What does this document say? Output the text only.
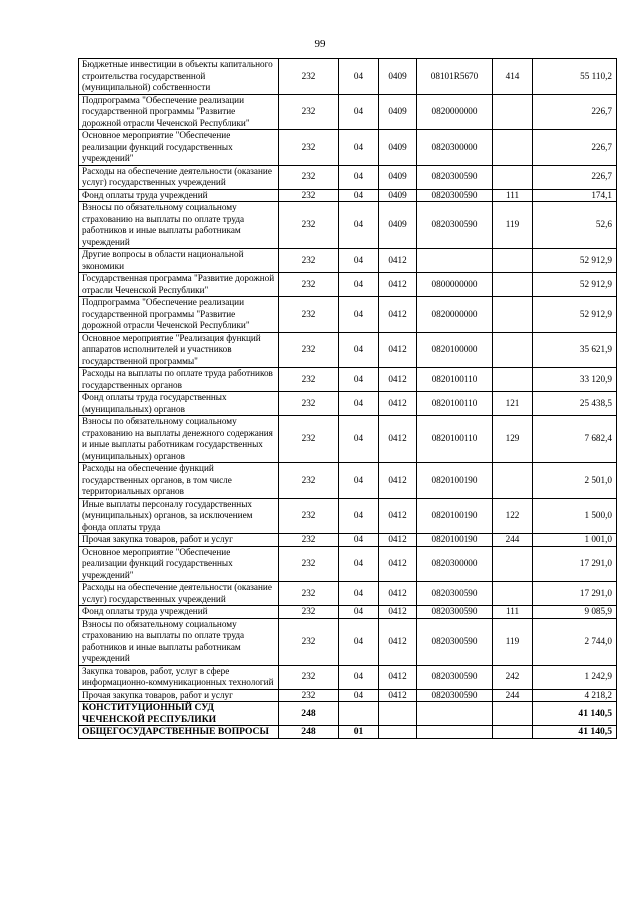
99
Бюджетные инвестиции в объекты капитального строительства государственной (муниципальной) собственности	232	04	0409	08101R5670	414	55 110,2
Подпрограмма "Обеспечение реализации государственной программы "Развитие дорожной отрасли Чеченской Республики"	232	04	0409	0820000000		226,7
Основное мероприятие "Обеспечение реализации функций государственных учреждений"	232	04	0409	0820300000		226,7
Расходы на обеспечение деятельности (оказание услуг) государственных учреждений	232	04	0409	0820300590		226,7
Фонд оплаты труда учреждений	232	04	0409	0820300590	111	174,1
Взносы по обязательному социальному страхованию на выплаты по оплате труда работников и иные выплаты работникам учреждений	232	04	0409	0820300590	119	52,6
Другие вопросы в области национальной экономики	232	04	0412			52 912,9
Государственная программа "Развитие дорожной отрасли Чеченской Республики"	232	04	0412	0800000000		52 912,9
Подпрограмма "Обеспечение реализации государственной программы "Развитие дорожной отрасли Чеченской Республики"	232	04	0412	0820000000		52 912,9
Основное мероприятие "Реализация функций аппаратов исполнителей и участников государственной программы"	232	04	0412	0820100000		35 621,9
Расходы на выплаты по оплате труда работников государственных органов	232	04	0412	0820100110		33 120,9
Фонд оплаты труда государственных (муниципальных) органов	232	04	0412	0820100110	121	25 438,5
Взносы по обязательному социальному страхованию на выплаты денежного содержания и иные выплаты работникам государственных (муниципальных) органов	232	04	0412	0820100110	129	7 682,4
Расходы на обеспечение функций государственных органов, в том числе территориальных органов	232	04	0412	0820100190		2 501,0
Иные выплаты персоналу государственных (муниципальных) органов, за исключением фонда оплаты труда	232	04	0412	0820100190	122	1 500,0
Прочая закупка товаров, работ и услуг	232	04	0412	0820100190	244	1 001,0
Основное мероприятие "Обеспечение реализации функций государственных учреждений"	232	04	0412	0820300000		17 291,0
Расходы на обеспечение деятельности (оказание услуг) государственных учреждений	232	04	0412	0820300590		17 291,0
Фонд оплаты труда учреждений	232	04	0412	0820300590	111	9 085,9
Взносы по обязательному социальному страхованию на выплаты по оплате труда работников и иные выплаты работникам учреждений	232	04	0412	0820300590	119	2 744,0
Закупка товаров, работ, услуг в сфере информационно-коммуникационных технологий	232	04	0412	0820300590	242	1 242,9
Прочая закупка товаров, работ и услуг	232	04	0412	0820300590	244	4 218,2
КОНСТИТУЦИОННЫЙ СУД ЧЕЧЕНСКОЙ РЕСПУБЛИКИ	248					41 140,5
ОБЩЕГОСУДАРСТВЕННЫЕ ВОПРОСЫ	248	01				41 140,5
